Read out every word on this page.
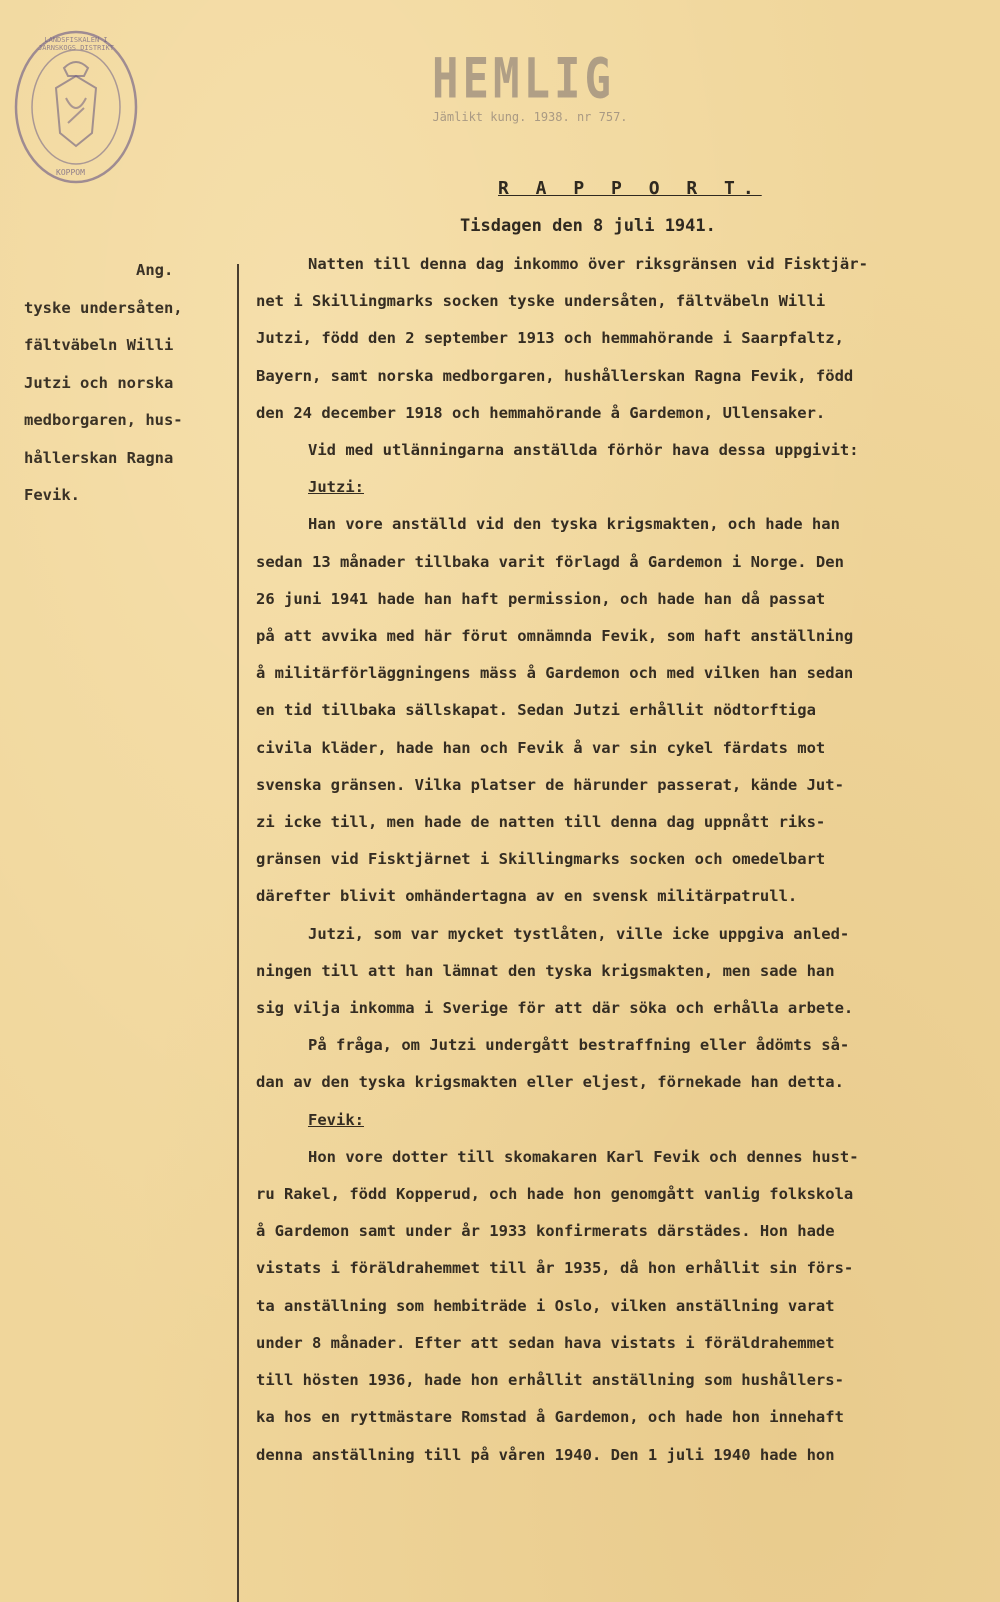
LANDSFISKALEN I JÄRNSKOGS DISTRIKT
KOPPOM
HEMLIG
Jämlikt kung. 1938. nr 757.
R A P P O R T.
Tisdagen den 8 juli 1941.
Ang.
tyske undersåten,
fältväbeln Willi
Jutzi och norska
medborgaren, hus-
hållerskan Ragna
Fevik.
Natten till denna dag inkommo över riksgränsen vid Fisktjär-
net i Skillingmarks socken tyske undersåten, fältväbeln Willi
Jutzi, född den 2 september 1913 och hemmahörande i Saarpfaltz,
Bayern, samt norska medborgaren, hushållerskan Ragna Fevik, född
den 24 december 1918 och hemmahörande å Gardemon, Ullensaker.
Vid med utlänningarna anställda förhör hava dessa uppgivit:
Jutzi:
Han vore anställd vid den tyska krigsmakten, och hade han
sedan 13 månader tillbaka varit förlagd å Gardemon i Norge. Den
26 juni 1941 hade han haft permission, och hade han då passat
på att avvika med här förut omnämnda Fevik, som haft anställning
å militärförläggningens mäss å Gardemon och med vilken han sedan
en tid tillbaka sällskapat. Sedan Jutzi erhållit nödtorftiga
civila kläder, hade han och Fevik å var sin cykel färdats mot
svenska gränsen. Vilka platser de härunder passerat, kände Jut-
zi icke till, men hade de natten till denna dag uppnått riks-
gränsen vid Fisktjärnet i Skillingmarks socken och omedelbart
därefter blivit omhändertagna av en svensk militärpatrull.
Jutzi, som var mycket tystlåten, ville icke uppgiva anled-
ningen till att han lämnat den tyska krigsmakten, men sade han
sig vilja inkomma i Sverige för att där söka och erhålla arbete.
På fråga, om Jutzi undergått bestraffning eller ådömts så-
dan av den tyska krigsmakten eller eljest, förnekade han detta.
Fevik:
Hon vore dotter till skomakaren Karl Fevik och dennes hust-
ru Rakel, född Kopperud, och hade hon genomgått vanlig folkskola
å Gardemon samt under år 1933 konfirmerats därstädes. Hon hade
vistats i föräldrahemmet till år 1935, då hon erhållit sin förs-
ta anställning som hembiträde i Oslo, vilken anställning varat
under 8 månader. Efter att sedan hava vistats i föräldrahemmet
till hösten 1936, hade hon erhållit anställning som hushållers-
ka hos en ryttmästare Romstad å Gardemon, och hade hon innehaft
denna anställning till på våren 1940. Den 1 juli 1940 hade hon
